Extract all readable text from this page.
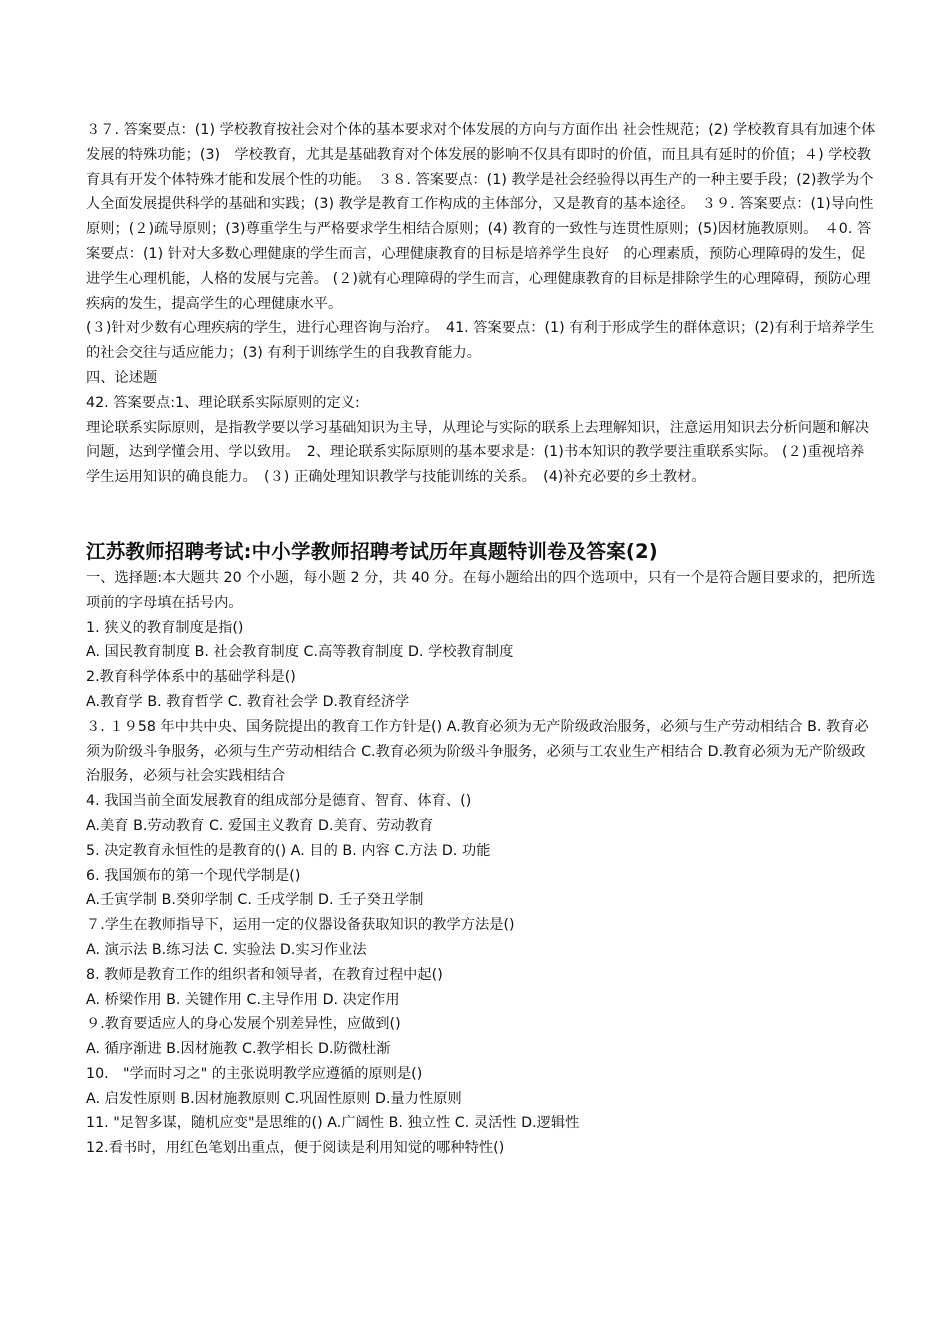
３７. 答案要点：(1) 学校教育按社会对个体的基本要求对个体发展的方向与方面作出 社会性规范；(2) 学校教育具有加速个体发展的特殊功能；(3)　学校教育，尤其是基础教育对个体发展的影响不仅具有即时的价值，而且具有延时的价值；４) 学校教育具有开发个体特殊才能和发展个性的功能。　３８. 答案要点：(1) 教学是社会经验得以再生产的一种主要手段；(2)教学为个人全面发展提供科学的基础和实践；(3) 教学是教育工作构成的主体部分，又是教育的基本途径。　３９. 答案要点：(1)导向性原则；(２)疏导原则；(3)尊重学生与严格要求学生相结合原则；(4) 教育的一致性与连贯性原则；(5)因材施教原则。　４0. 答案要点：(1) 针对大多数心理健康的学生而言，心理健康教育的目标是培养学生良好　的心理素质，预防心理障碍的发生，促进学生心理机能，人格的发展与完善。 (２)就有心理障碍的学生而言，心理健康教育的目标是排除学生的心理障碍，预防心理疾病的发生，提高学生的心理健康水平。

(３)针对少数有心理疾病的学生，进行心理咨询与治疗。　41. 答案要点：(1) 有利于形成学生的群体意识；(2)有利于培养学生的社会交往与适应能力；(3) 有利于训练学生的自我教育能力。

四、论述题

42. 答案要点:1、理论联系实际原则的定义:

理论联系实际原则，是指教学要以学习基础知识为主导，从理论与实际的联系上去理解知识，注意运用知识去分析问题和解决问题，达到学懂会用、学以致用。　2、理论联系实际原则的基本要求是：(1)书本知识的教学要注重联系实际。 (２)重视培养学生运用知识的确良能力。　(３) 正确处理知识教学与技能训练的关系。　(4)补充必要的乡土教材。

江苏教师招聘考试:中小学教师招聘考试历年真题特训卷及答案(2)

一、选择题:本大题共 20 个小题，每小题 2 分，共 40 分。在每小题给出的四个选项中，只有一个是符合题目要求的，把所选项前的字母填在括号内。

1. 狭义的教育制度是指()

A. 国民教育制度 B. 社会教育制度 C.高等教育制度 D. 学校教育制度

2.教育科学体系中的基础学科是()

A.教育学 B. 教育哲学 C. 教育社会学 D.教育经济学

３. １９58 年中共中央、国务院提出的教育工作方针是() A.教育必须为无产阶级政治服务，必须与生产劳动相结合 B. 教育必须为阶级斗争服务，必须与生产劳动相结合 C.教育必须为阶级斗争服务，必须与工农业生产相结合 D.教育必须为无产阶级政治服务，必须与社会实践相结合

4. 我国当前全面发展教育的组成部分是德育、智育、体育、()

A.美育 B.劳动教育 C. 爱国主义教育 D.美育、劳动教育

5. 决定教育永恒性的是教育的() A. 目的 B. 内容 C.方法 D. 功能

6. 我国颁布的第一个现代学制是()

A.壬寅学制 B.癸卯学制 C. 壬戌学制 D. 壬子癸丑学制

７.学生在教师指导下，运用一定的仪器设备获取知识的教学方法是()

A. 演示法 B.练习法 C. 实验法 D.实习作业法

8. 教师是教育工作的组织者和领导者，在教育过程中起()

A. 桥梁作用 B. 关键作用 C.主导作用 D. 决定作用

９.教育要适应人的身心发展个别差异性，应做到()

A. 循序渐进 B.因材施教 C.教学相长 D.防微杜渐

10.　"学而时习之" 的主张说明教学应遵循的原则是()

A. 启发性原则 B.因材施教原则 C.巩固性原则 D.量力性原则

11. "足智多谋，随机应变"是思维的() A.广阔性 B. 独立性 C. 灵活性 D.逻辑性

12.看书时，用红色笔划出重点，便于阅读是利用知觉的哪种特性()
